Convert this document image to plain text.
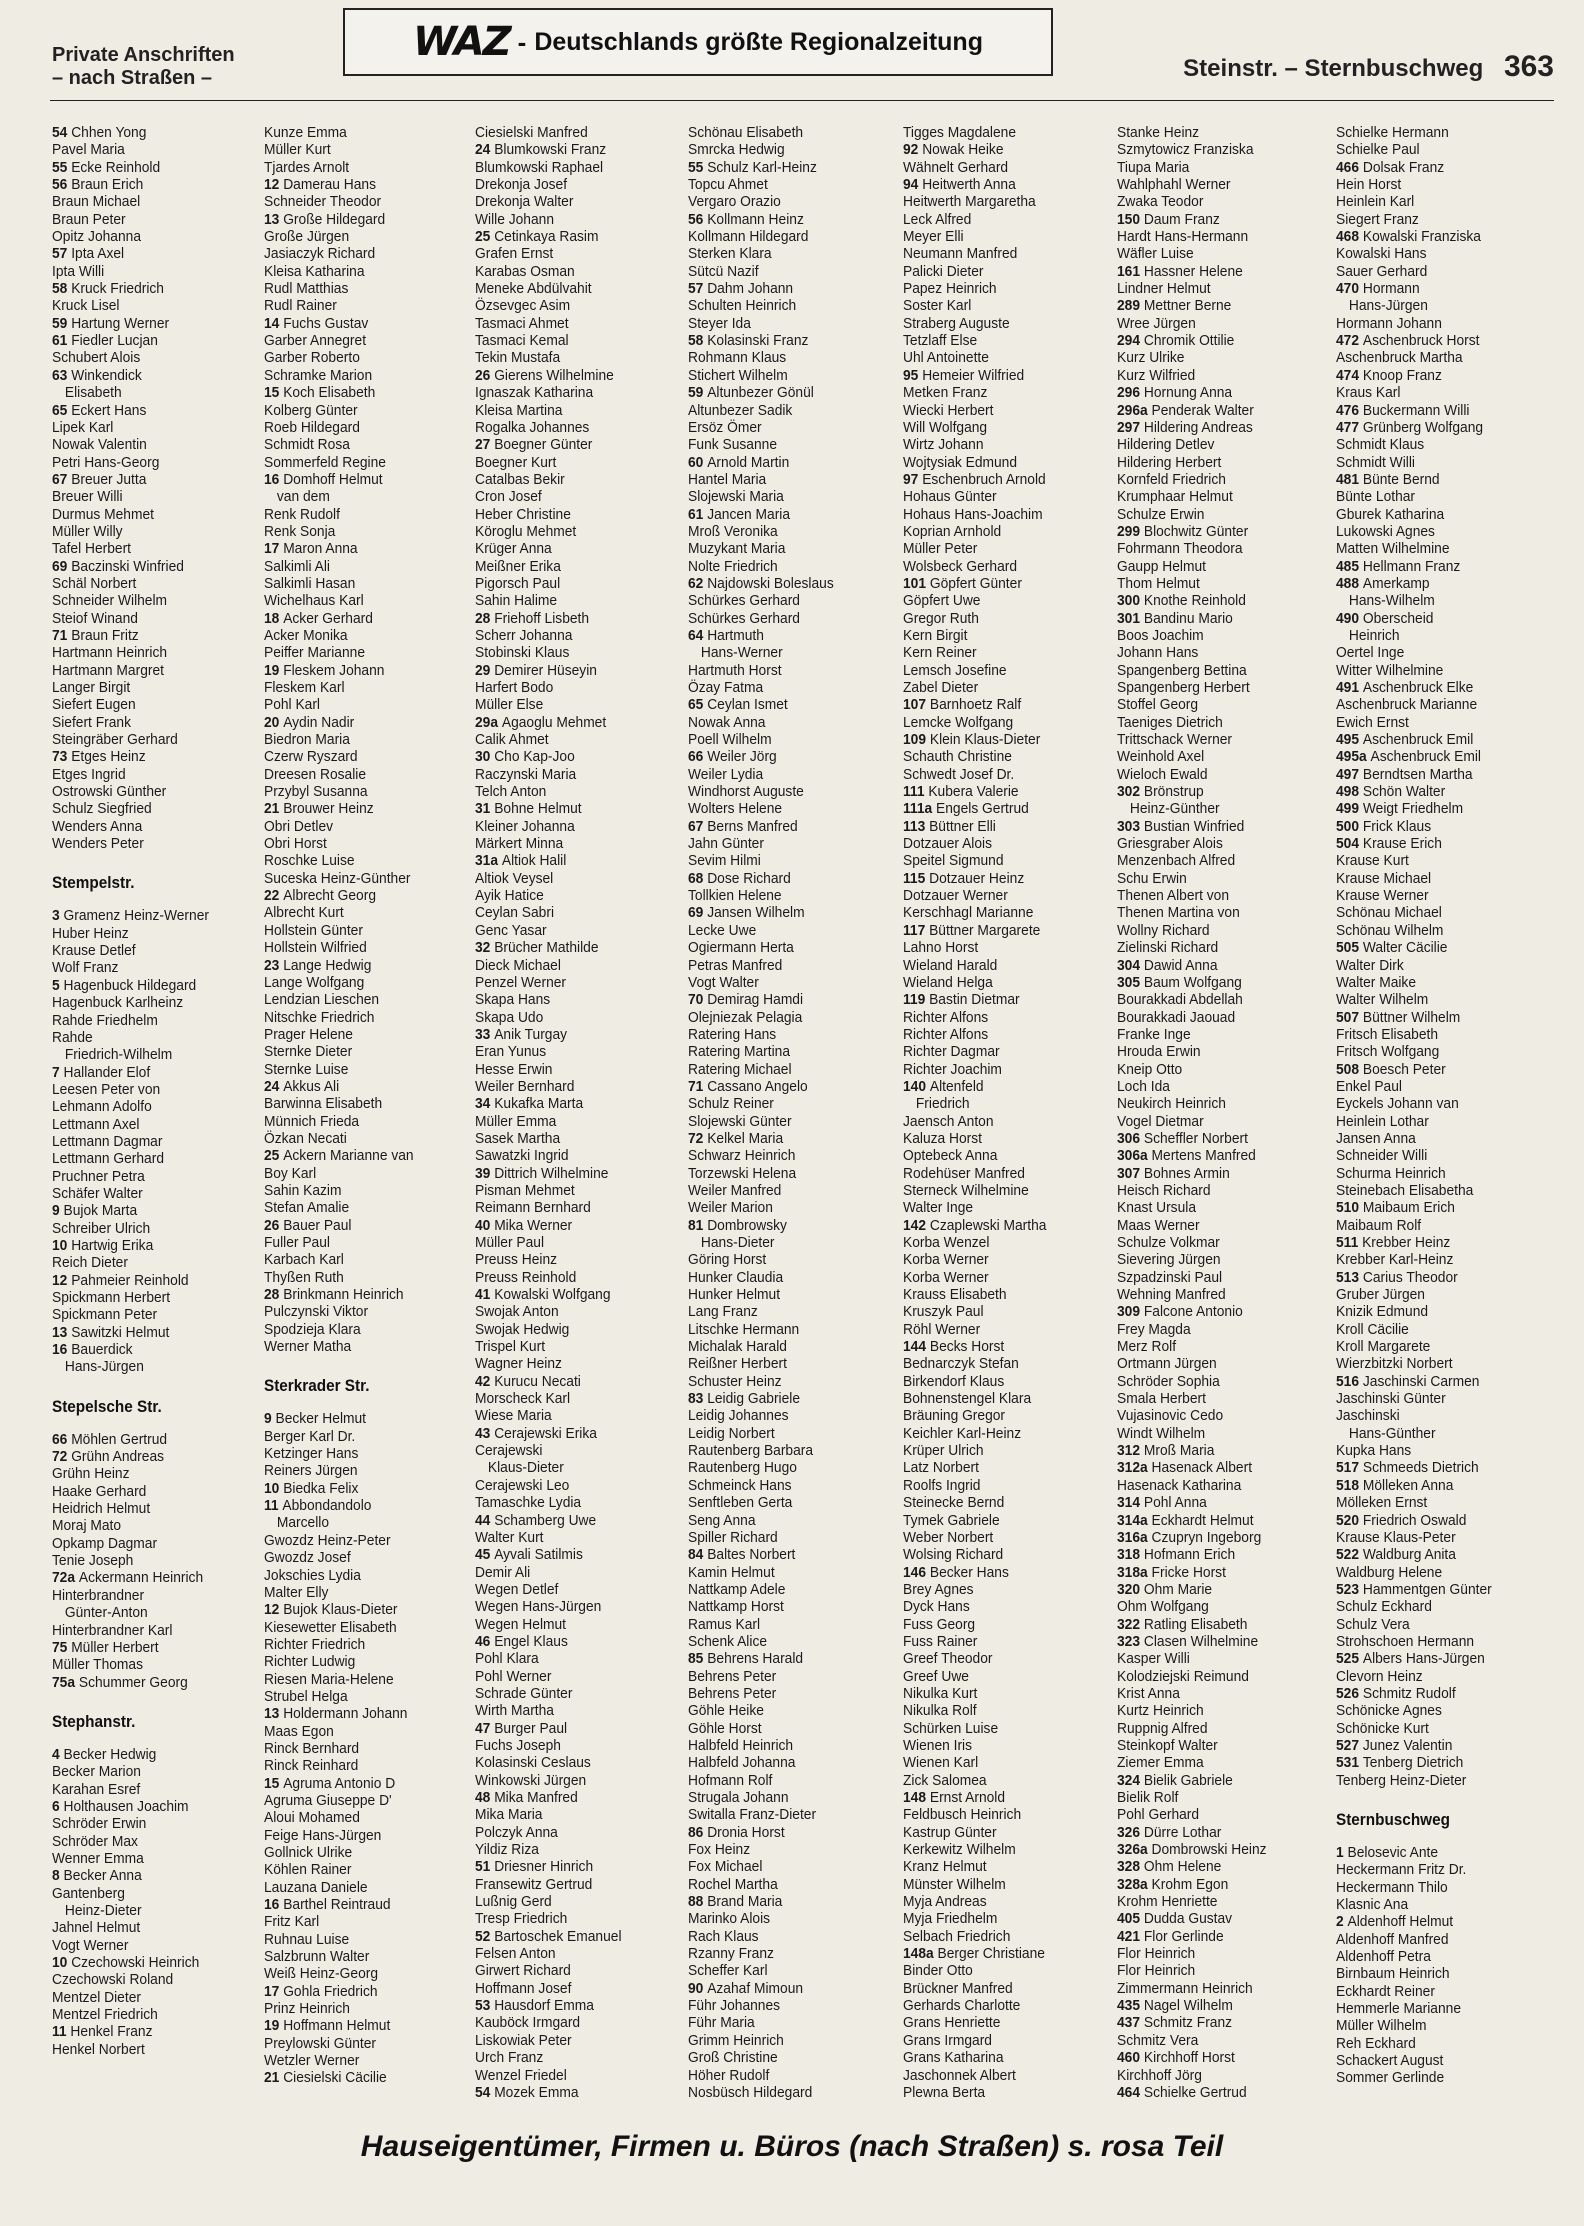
Private Anschriften
– nach Straßen –
WAZ - Deutschlands größte Regionalzeitung
Steinstr. – Sternbuschweg 363
54 Chhen Yong
Pavel Maria
55 Ecke Reinhold
56 Braun Erich
Braun Michael
Braun Peter
Opitz Johanna
57 Ipta Axel
Ipta Willi
58 Kruck Friedrich
Kruck Lisel
59 Hartung Werner
61 Fiedler Lucjan
Schubert Alois
63 Winkendick
Elisabeth
65 Eckert Hans
Lipek Karl
Nowak Valentin
Petri Hans-Georg
67 Breuer Jutta
Breuer Willi
Durmus Mehmet
Müller Willy
Tafel Herbert
69 Baczinski Winfried
Schäl Norbert
Schneider Wilhelm
Steiof Winand
71 Braun Fritz
Hartmann Heinrich
Hartmann Margret
Langer Birgit
Siefert Eugen
Siefert Frank
Steingräber Gerhard
73 Etges Heinz
Etges Ingrid
Ostrowski Günther
Schulz Siegfried
Wenders Anna
Wenders Peter
Stempelstr.
3 Gramenz Heinz-Werner
Huber Heinz
Krause Detlef
Wolf Franz
5 Hagenbuck Hildegard
Hagenbuck Karlheinz
Rahde Friedhelm
Rahde
Friedrich-Wilhelm
7 Hallander Elof
Leesen Peter von
Lehmann Adolfo
Lettmann Axel
Lettmann Dagmar
Lettmann Gerhard
Pruchner Petra
Schäfer Walter
9 Bujok Marta
Schreiber Ulrich
10 Hartwig Erika
Reich Dieter
12 Pahmeier Reinhold
Spickmann Herbert
Spickmann Peter
13 Sawitzki Helmut
16 Bauerdick
Hans-Jürgen
Stepelsche Str.
66 Möhlen Gertrud
72 Grühn Andreas
Grühn Heinz
Haake Gerhard
Heidrich Helmut
Moraj Mato
Opkamp Dagmar
Tenie Joseph
72a Ackermann Heinrich
Hinterbrandner
Günter-Anton
Hinterbrandner Karl
75 Müller Herbert
Müller Thomas
75a Schummer Georg
Stephanstr.
4 Becker Hedwig
Becker Marion
Karahan Esref
6 Holthausen Joachim
Schröder Erwin
Schröder Max
Wenner Emma
8 Becker Anna
Gantenberg
Heinz-Dieter
Jahnel Helmut
Vogt Werner
10 Czechowski Heinrich
Czechowski Roland
Mentzel Dieter
Mentzel Friedrich
11 Henkel Franz
Henkel Norbert
Kunze Emma
Müller Kurt
Tjardes Arnolt
12 Damerau Hans
Schneider Theodor
13 Große Hildegard
Große Jürgen
Jasiaczyk Richard
Kleisa Katharina
Rudl Matthias
Rudl Rainer
14 Fuchs Gustav
Garber Annegret
Garber Roberto
Schramke Marion
15 Koch Elisabeth
Kolberg Günter
Roeb Hildegard
Schmidt Rosa
Sommerfeld Regine
16 Domhoff Helmut
van dem
Renk Rudolf
Renk Sonja
17 Maron Anna
Salkimli Ali
Salkimli Hasan
Wichelhaus Karl
18 Acker Gerhard
Acker Monika
Peiffer Marianne
19 Fleskem Johann
Fleskem Karl
Pohl Karl
20 Aydin Nadir
Biedron Maria
Czerw Ryszard
Dreesen Rosalie
Przybyl Susanna
21 Brouwer Heinz
Obri Detlev
Obri Horst
Roschke Luise
Suceska Heinz-Günther
22 Albrecht Georg
Albrecht Kurt
Hollstein Günter
Hollstein Wilfried
23 Lange Hedwig
Lange Wolfgang
Lendzian Lieschen
Nitschke Friedrich
Prager Helene
Sternke Dieter
Sternke Luise
24 Akkus Ali
Barwinna Elisabeth
Münnich Frieda
Özkan Necati
25 Ackern Marianne van
Boy Karl
Sahin Kazim
Stefan Amalie
26 Bauer Paul
Fuller Paul
Karbach Karl
Thyßen Ruth
28 Brinkmann Heinrich
Pulczynski Viktor
Spodzieja Klara
Werner Matha
Sterkrader Str.
9 Becker Helmut
Berger Karl Dr.
Ketzinger Hans
Reiners Jürgen
10 Biedka Felix
11 Abbondandolo
Marcello
Gwozdz Heinz-Peter
Gwozdz Josef
Jokschies Lydia
Malter Elly
12 Bujok Klaus-Dieter
Kiesewetter Elisabeth
Richter Friedrich
Richter Ludwig
Riesen Maria-Helene
Strubel Helga
13 Holdermann Johann
Maas Egon
Rinck Bernhard
Rinck Reinhard
15 Agruma Antonio D
Agruma Giuseppe D'
Aloui Mohamed
Feige Hans-Jürgen
Gollnick Ulrike
Köhlen Rainer
Lauzana Daniele
16 Barthel Reintraud
Fritz Karl
Ruhnau Luise
Salzbrunn Walter
Weiß Heinz-Georg
17 Gohla Friedrich
Prinz Heinrich
19 Hoffmann Helmut
Preylowski Günter
Wetzler Werner
21 Ciesielski Cäcilie
Ciesielski Manfred
24 Blumkowski Franz
Blumkowski Raphael
Drekonja Josef
Drekonja Walter
Wille Johann
25 Cetinkaya Rasim
Grafen Ernst
Karabas Osman
Meneke Abdülvahit
Özsevgec Asim
Tasmaci Ahmet
Tasmaci Kemal
Tekin Mustafa
26 Gierens Wilhelmine
Ignaszak Katharina
Kleisa Martina
Rogalka Johannes
27 Boegner Günter
Boegner Kurt
Catalbas Bekir
Cron Josef
Heber Christine
Köroglu Mehmet
Krüger Anna
Meißner Erika
Pigorsch Paul
Sahin Halime
28 Friehoff Lisbeth
Scherr Johanna
Stobinski Klaus
29 Demirer Hüseyin
Harfert Bodo
Müller Else
29a Agaoglu Mehmet
Calik Ahmet
30 Cho Kap-Joo
Raczynski Maria
Telch Anton
31 Bohne Helmut
Kleiner Johanna
Märkert Minna
31a Altiok Halil
Altiok Veysel
Ayik Hatice
Ceylan Sabri
Genc Yasar
32 Brücher Mathilde
Dieck Michael
Penzel Werner
Skapa Hans
Skapa Udo
33 Anik Turgay
Eran Yunus
Hesse Erwin
Weiler Bernhard
34 Kukafka Marta
Müller Emma
Sasek Martha
Sawatzki Ingrid
39 Dittrich Wilhelmine
Pisman Mehmet
Reimann Bernhard
40 Mika Werner
Müller Paul
Preuss Heinz
Preuss Reinhold
41 Kowalski Wolfgang
Swojak Anton
Swojak Hedwig
Trispel Kurt
Wagner Heinz
42 Kurucu Necati
Morscheck Karl
Wiese Maria
43 Cerajewski Erika
Cerajewski
Klaus-Dieter
Cerajewski Leo
Tamaschke Lydia
44 Schamberg Uwe
Walter Kurt
45 Ayvali Satilmis
Demir Ali
Wegen Detlef
Wegen Hans-Jürgen
Wegen Helmut
46 Engel Klaus
Pohl Klara
Pohl Werner
Schrade Günter
Wirth Martha
47 Burger Paul
Fuchs Joseph
Kolasinski Ceslaus
Winkowski Jürgen
48 Mika Manfred
Mika Maria
Polczyk Anna
Yildiz Riza
51 Driesner Hinrich
Fransewitz Gertrud
Lußnig Gerd
Tresp Friedrich
52 Bartoschek Emanuel
Felsen Anton
Girwert Richard
Hoffmann Josef
53 Hausdorf Emma
Kauböck Irmgard
Liskowiak Peter
Urch Franz
Wenzel Friedel
54 Mozek Emma
Schönau Elisabeth
Smrcka Hedwig
55 Schulz Karl-Heinz
Topcu Ahmet
Vergaro Orazio
56 Kollmann Heinz
Kollmann Hildegard
Sterken Klara
Sütcü Nazif
57 Dahm Johann
Schulten Heinrich
Steyer Ida
58 Kolasinski Franz
Rohmann Klaus
Stichert Wilhelm
59 Altunbezer Gönül
Altunbezer Sadik
Ersöz Ömer
Funk Susanne
60 Arnold Martin
Hantel Maria
Slojewski Maria
61 Jancen Maria
Mroß Veronika
Muzykant Maria
Nolte Friedrich
62 Najdowski Boleslaus
Schürkes Gerhard
Schürkes Gerhard
64 Hartmuth
Hans-Werner
Hartmuth Horst
Özay Fatma
65 Ceylan Ismet
Nowak Anna
Poell Wilhelm
66 Weiler Jörg
Weiler Lydia
Windhorst Auguste
Wolters Helene
67 Berns Manfred
Jahn Günter
Sevim Hilmi
68 Dose Richard
Tollkien Helene
69 Jansen Wilhelm
Lecke Uwe
Ogiermann Herta
Petras Manfred
Vogt Walter
70 Demirag Hamdi
Olejniezak Pelagia
Ratering Hans
Ratering Martina
Ratering Michael
71 Cassano Angelo
Schulz Reiner
Slojewski Günter
72 Kelkel Maria
Schwarz Heinrich
Torzewski Helena
Weiler Manfred
Weiler Marion
81 Dombrowsky
Hans-Dieter
Göring Horst
Hunker Claudia
Hunker Helmut
Lang Franz
Litschke Hermann
Michalak Harald
Reißner Herbert
Schuster Heinz
83 Leidig Gabriele
Leidig Johannes
Leidig Norbert
Rautenberg Barbara
Rautenberg Hugo
Schmeinck Hans
Senftleben Gerta
Seng Anna
Spiller Richard
84 Baltes Norbert
Kamin Helmut
Nattkamp Adele
Nattkamp Horst
Ramus Karl
Schenk Alice
85 Behrens Harald
Behrens Peter
Behrens Peter
Göhle Heike
Göhle Horst
Halbfeld Heinrich
Halbfeld Johanna
Hofmann Rolf
Strugala Johann
Switalla Franz-Dieter
86 Dronia Horst
Fox Heinz
Fox Michael
Rochel Martha
88 Brand Maria
Marinko Alois
Rach Klaus
Rzanny Franz
Scheffer Karl
90 Azahaf Mimoun
Führ Johannes
Führ Maria
Grimm Heinrich
Groß Christine
Höher Rudolf
Nosbüsch Hildegard
Tigges Magdalene
92 Nowak Heike
Wähnelt Gerhard
94 Heitwerth Anna
Heitwerth Margaretha
Leck Alfred
Meyer Elli
Neumann Manfred
Palicki Dieter
Papez Heinrich
Soster Karl
Straberg Auguste
Tetzlaff Else
Uhl Antoinette
95 Hemeier Wilfried
Metken Franz
Wiecki Herbert
Will Wolfgang
Wirtz Johann
Wojtysiak Edmund
97 Eschenbruch Arnold
Hohaus Günter
Hohaus Hans-Joachim
Koprian Arnhold
Müller Peter
Wolsbeck Gerhard
101 Göpfert Günter
Göpfert Uwe
Gregor Ruth
Kern Birgit
Kern Reiner
Lemsch Josefine
Zabel Dieter
107 Barnhoetz Ralf
Lemcke Wolfgang
109 Klein Klaus-Dieter
Schauth Christine
Schwedt Josef Dr.
111 Kubera Valerie
111a Engels Gertrud
113 Büttner Elli
Dotzauer Alois
Speitel Sigmund
115 Dotzauer Heinz
Dotzauer Werner
Kerschhagl Marianne
117 Büttner Margarete
Lahno Horst
Wieland Harald
Wieland Helga
119 Bastin Dietmar
Richter Alfons
Richter Alfons
Richter Dagmar
Richter Joachim
140 Altenfeld
Friedrich
Jaensch Anton
Kaluza Horst
Optebeck Anna
Rodehüser Manfred
Sterneck Wilhelmine
Walter Inge
142 Czaplewski Martha
Korba Wenzel
Korba Werner
Korba Werner
Krauss Elisabeth
Kruszyk Paul
Röhl Werner
144 Becks Horst
Bednarczyk Stefan
Birkendorf Klaus
Bohnenstengel Klara
Bräuning Gregor
Keichler Karl-Heinz
Krüper Ulrich
Latz Norbert
Roolfs Ingrid
Steinecke Bernd
Tymek Gabriele
Weber Norbert
Wolsing Richard
146 Becker Hans
Brey Agnes
Dyck Hans
Fuss Georg
Fuss Rainer
Greef Theodor
Greef Uwe
Nikulka Kurt
Nikulka Rolf
Schürken Luise
Wienen Iris
Wienen Karl
Zick Salomea
148 Ernst Arnold
Feldbusch Heinrich
Kastrup Günter
Kerkewitz Wilhelm
Kranz Helmut
Münster Wilhelm
Myja Andreas
Myja Friedhelm
Selbach Friedrich
148a Berger Christiane
Binder Otto
Brückner Manfred
Gerhards Charlotte
Grans Henriette
Grans Irmgard
Grans Katharina
Jaschonnek Albert
Plewna Berta
Stanke Heinz
Szmytowicz Franziska
Tiupa Maria
Wahlphahl Werner
Zwaka Teodor
150 Daum Franz
Hardt Hans-Hermann
Wäfler Luise
161 Hassner Helene
Lindner Helmut
289 Mettner Berne
Wree Jürgen
294 Chromik Ottilie
Kurz Ulrike
Kurz Wilfried
296 Hornung Anna
296a Penderak Walter
297 Hildering Andreas
Hildering Detlev
Hildering Herbert
Kornfeld Friedrich
Krumphaar Helmut
Schulze Erwin
299 Blochwitz Günter
Fohrmann Theodora
Gaupp Helmut
Thom Helmut
300 Knothe Reinhold
301 Bandinu Mario
Boos Joachim
Johann Hans
Spangenberg Bettina
Spangenberg Herbert
Stoffel Georg
Taeniges Dietrich
Trittschack Werner
Weinhold Axel
Wieloch Ewald
302 Brönstrup
Heinz-Günther
303 Bustian Winfried
Griesgraber Alois
Menzenbach Alfred
Schu Erwin
Thenen Albert von
Thenen Martina von
Wollny Richard
Zielinski Richard
304 Dawid Anna
305 Baum Wolfgang
Bourakkadi Abdellah
Bourakkadi Jaouad
Franke Inge
Hrouda Erwin
Kneip Otto
Loch Ida
Neukirch Heinrich
Vogel Dietmar
306 Scheffler Norbert
306a Mertens Manfred
307 Bohnes Armin
Heisch Richard
Knast Ursula
Maas Werner
Schulze Volkmar
Sievering Jürgen
Szpadzinski Paul
Wehning Manfred
309 Falcone Antonio
Frey Magda
Merz Rolf
Ortmann Jürgen
Schröder Sophia
Smala Herbert
Vujasinovic Cedo
Windt Wilhelm
312 Mroß Maria
312a Hasenack Albert
Hasenack Katharina
314 Pohl Anna
314a Eckhardt Helmut
316a Czupryn Ingeborg
318 Hofmann Erich
318a Fricke Horst
320 Ohm Marie
Ohm Wolfgang
322 Ratling Elisabeth
323 Clasen Wilhelmine
Kasper Willi
Kolodziejski Reimund
Krist Anna
Kurtz Heinrich
Ruppnig Alfred
Steinkopf Walter
Ziemer Emma
324 Bielik Gabriele
Bielik Rolf
Pohl Gerhard
326 Dürre Lothar
326a Dombrowski Heinz
328 Ohm Helene
328a Krohm Egon
Krohm Henriette
405 Dudda Gustav
421 Flor Gerlinde
Flor Heinrich
Flor Heinrich
Zimmermann Heinrich
435 Nagel Wilhelm
437 Schmitz Franz
Schmitz Vera
460 Kirchhoff Horst
Kirchhoff Jörg
464 Schielke Gertrud
Schielke Hermann
Schielke Paul
466 Dolsak Franz
Hein Horst
Heinlein Karl
Siegert Franz
468 Kowalski Franziska
Kowalski Hans
Sauer Gerhard
470 Hormann
Hans-Jürgen
Hormann Johann
472 Aschenbruck Horst
Aschenbruck Martha
474 Knoop Franz
Kraus Karl
476 Buckermann Willi
477 Grünberg Wolfgang
Schmidt Klaus
Schmidt Willi
481 Bünte Bernd
Bünte Lothar
Gburek Katharina
Lukowski Agnes
Matten Wilhelmine
485 Hellmann Franz
488 Amerkamp
Hans-Wilhelm
490 Oberscheid
Heinrich
Oertel Inge
Witter Wilhelmine
491 Aschenbruck Elke
Aschenbruck Marianne
Ewich Ernst
495 Aschenbruck Emil
495a Aschenbruck Emil
497 Berndtsen Martha
498 Schön Walter
499 Weigt Friedhelm
500 Frick Klaus
504 Krause Erich
Krause Kurt
Krause Michael
Krause Werner
Schönau Michael
Schönau Wilhelm
505 Walter Cäcilie
Walter Dirk
Walter Maike
Walter Wilhelm
507 Büttner Wilhelm
Fritsch Elisabeth
Fritsch Wolfgang
508 Boesch Peter
Enkel Paul
Eyckels Johann van
Heinlein Lothar
Jansen Anna
Schneider Willi
Schurma Heinrich
Steinebach Elisabetha
510 Maibaum Erich
Maibaum Rolf
511 Krebber Heinz
Krebber Karl-Heinz
513 Carius Theodor
Gruber Jürgen
Knizik Edmund
Kroll Cäcilie
Kroll Margarete
Wierzbitzki Norbert
516 Jaschinski Carmen
Jaschinski Günter
Jaschinski
Hans-Günther
Kupka Hans
517 Schmeeds Dietrich
518 Mölleken Anna
Mölleken Ernst
520 Friedrich Oswald
Krause Klaus-Peter
522 Waldburg Anita
Waldburg Helene
523 Hammentgen Günter
Schulz Eckhard
Schulz Vera
Strohschoen Hermann
525 Albers Hans-Jürgen
Clevorn Heinz
526 Schmitz Rudolf
Schönicke Agnes
Schönicke Kurt
527 Junez Valentin
531 Tenberg Dietrich
Tenberg Heinz-Dieter
Sternbuschweg
1 Belosevic Ante
Heckermann Fritz Dr.
Heckermann Thilo
Klasnic Ana
2 Aldenhoff Helmut
Aldenhoff Manfred
Aldenhoff Petra
Birnbaum Heinrich
Eckhardt Reiner
Hemmerle Marianne
Müller Wilhelm
Reh Eckhard
Schackert August
Sommer Gerlinde
Hauseigentümer, Firmen u. Büros (nach Straßen) s. rosa Teil
